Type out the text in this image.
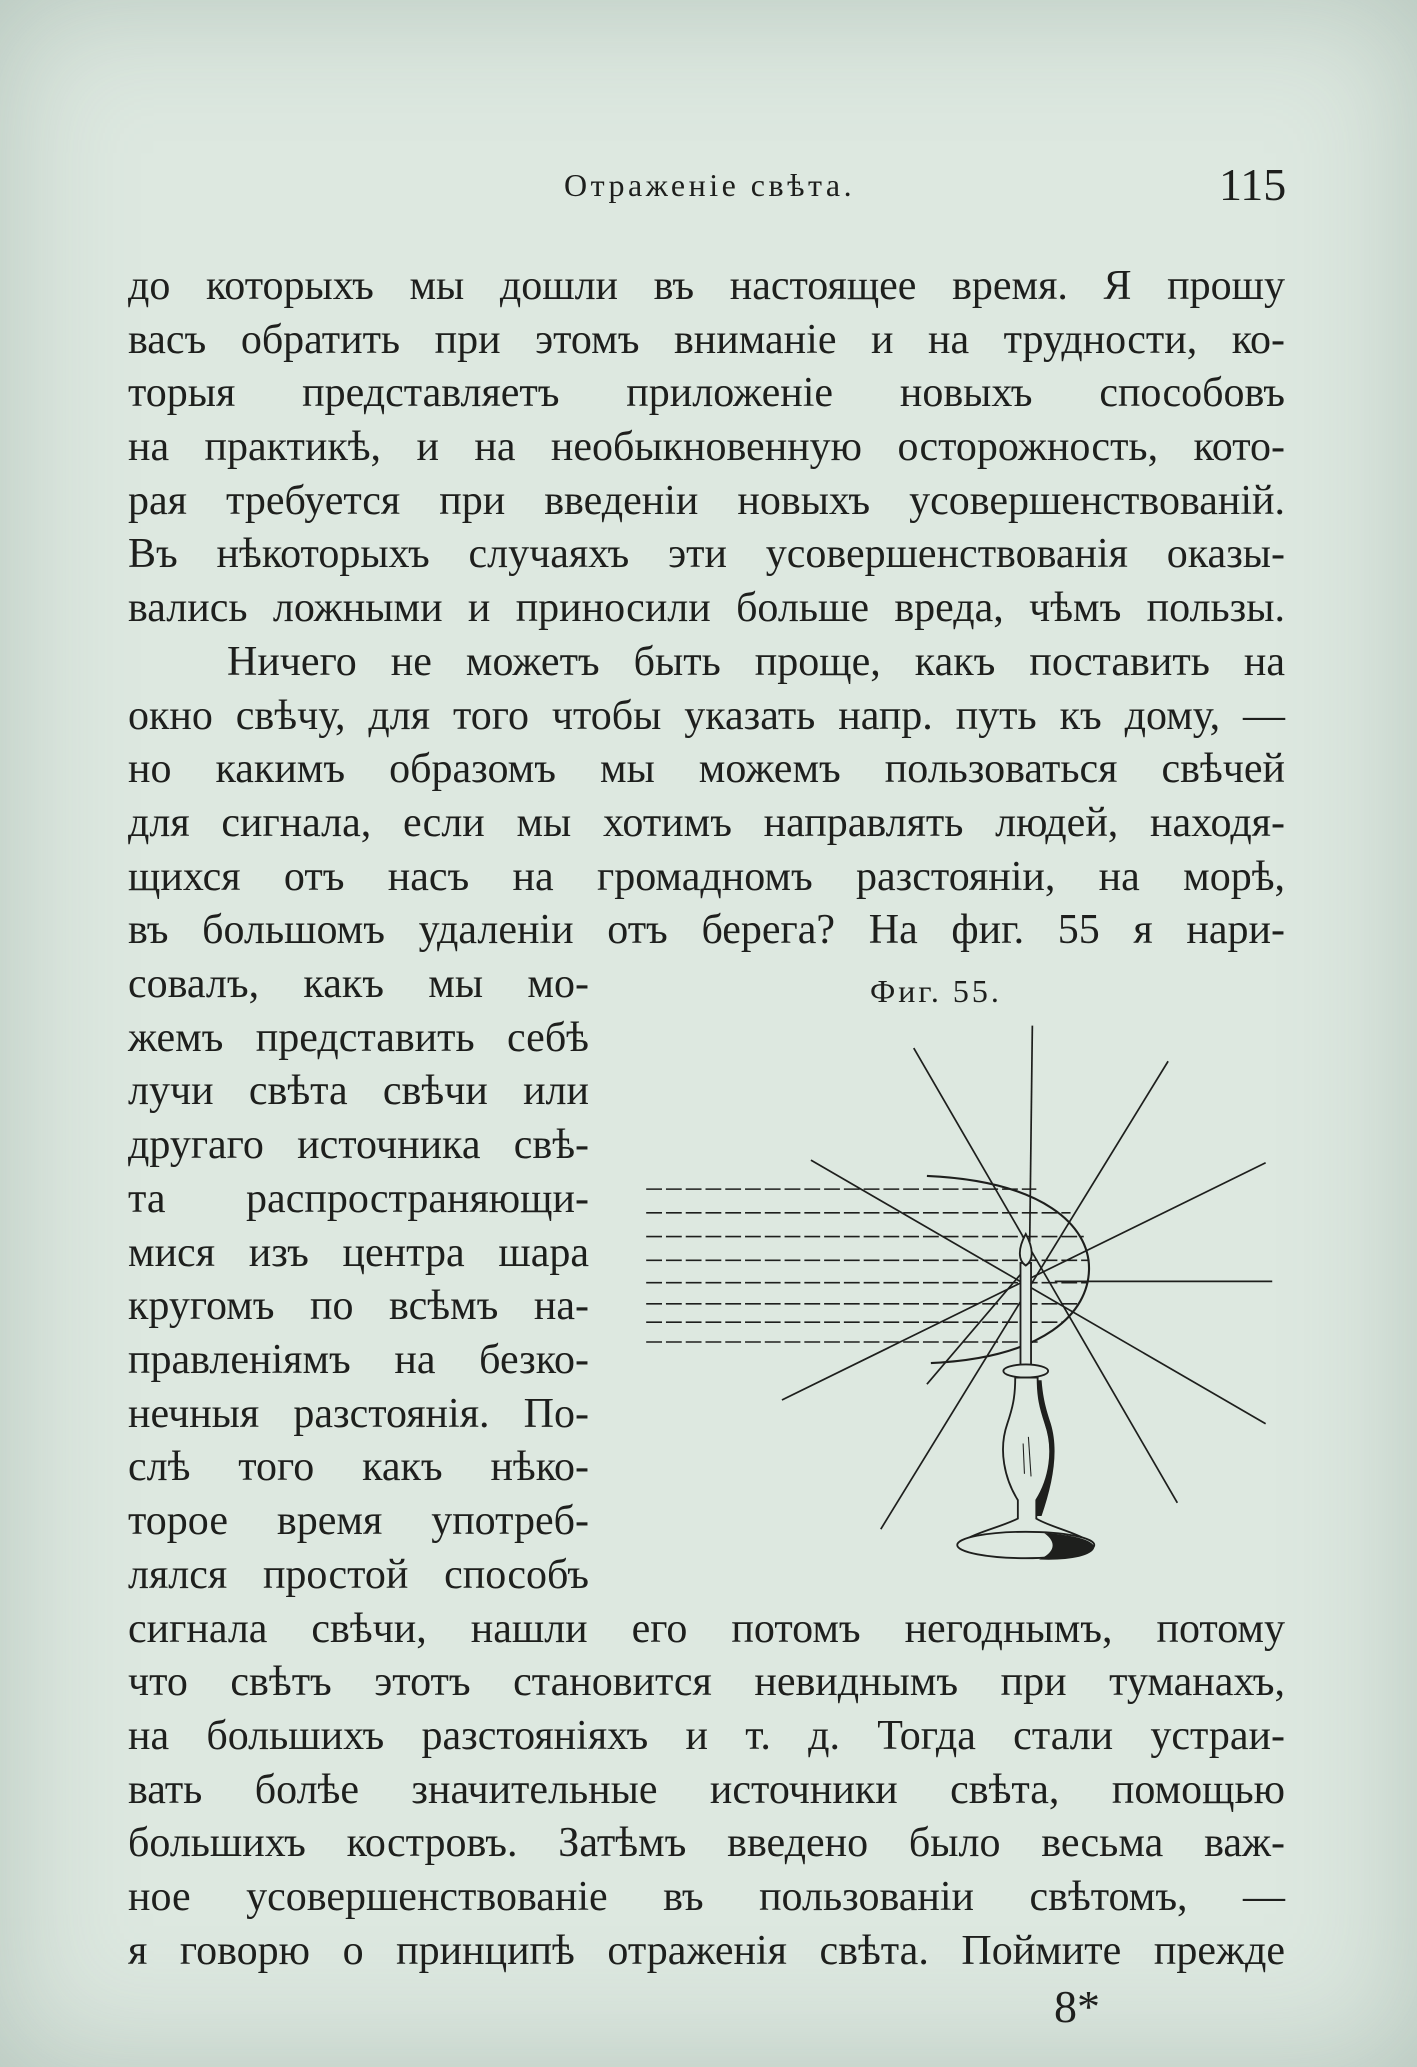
Отраженіе свѣта.	115
до которыхъ мы дошли въ настоящее время. Я прошу
васъ обратить при этомъ вниманіе и на трудности, ко-
торыя представляетъ приложеніе новыхъ способовъ
на практикѣ, и на необыкновенную осторожность, кото-
рая требуется при введеніи новыхъ усовершенствованій.
Въ нѣкоторыхъ случаяхъ эти усовершенствованія оказы-
вались ложными и приносили больше вреда, чѣмъ пользы.
Ничего не можетъ быть проще, какъ поставить на
окно свѣчу, для того чтобы указать напр. путь къ дому, —
но какимъ образомъ мы можемъ пользоваться свѣчей
для сигнала, если мы хотимъ направлять людей, находя-
щихся отъ насъ на громадномъ разстояніи, на морѣ,
въ большомъ удаленіи отъ берега? На фиг. 55 я нари-
совалъ, какъ мы мо-
жемъ представить себѣ
лучи свѣта свѣчи или
другаго источника свѣ-
та распространяющи-
мися изъ центра шара
кругомъ по всѣмъ на-
правленіямъ на безко-
нечныя разстоянія. По-
слѣ того какъ нѣко-
торое время употреб-
лялся простой способъ
Фиг. 55.
сигнала свѣчи, нашли его потомъ негоднымъ, потому
что свѣтъ этотъ становится невиднымъ при туманахъ,
на большихъ разстояніяхъ и т. д. Тогда стали устраи-
вать болѣе значительные источники свѣта, помощью
большихъ костровъ. Затѣмъ введено было весьма важ-
ное усовершенствованіе въ пользованіи свѣтомъ, —
я говорю о принципѣ отраженія свѣта. Поймите прежде
8*
